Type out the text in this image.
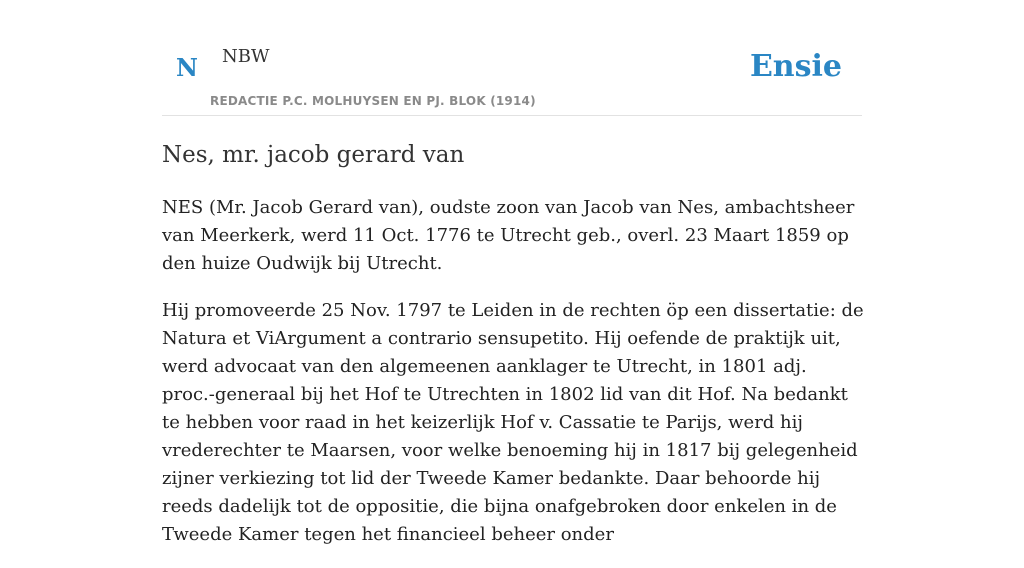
N NBW
REDACTIE P.C. MOLHUYSEN EN PJ. BLOK (1914)
Ensie
Nes, mr. jacob gerard van

NES (Mr. Jacob Gerard van), oudste zoon van Jacob van Nes, ambachtsheer van Meerkerk, werd 11 Oct. 1776 te Utrecht geb., overl. 23 Maart 1859 op den huize Oudwijk bij Utrecht.

Hij promoveerde 25 Nov. 1797 te Leiden in de rechten öp een dissertatie: de Natura et ViArgument a contrario sensupetito. Hij oefende de praktijk uit, werd advocaat van den algemeenen aanklager te Utrecht, in 1801 adj. proc.-generaal bij het Hof te Utrechten in 1802 lid van dit Hof. Na bedankt te hebben voor raad in het keizerlijk Hof v. Cassatie te Parijs, werd hij vrederechter te Maarsen, voor welke benoeming hij in 1817 bij gelegenheid zijner verkiezing tot lid der Tweede Kamer bedankte. Daar behoorde hij reeds dadelijk tot de oppositie, die bijna onafgebroken door enkelen in de Tweede Kamer tegen het financieel beheer onder
